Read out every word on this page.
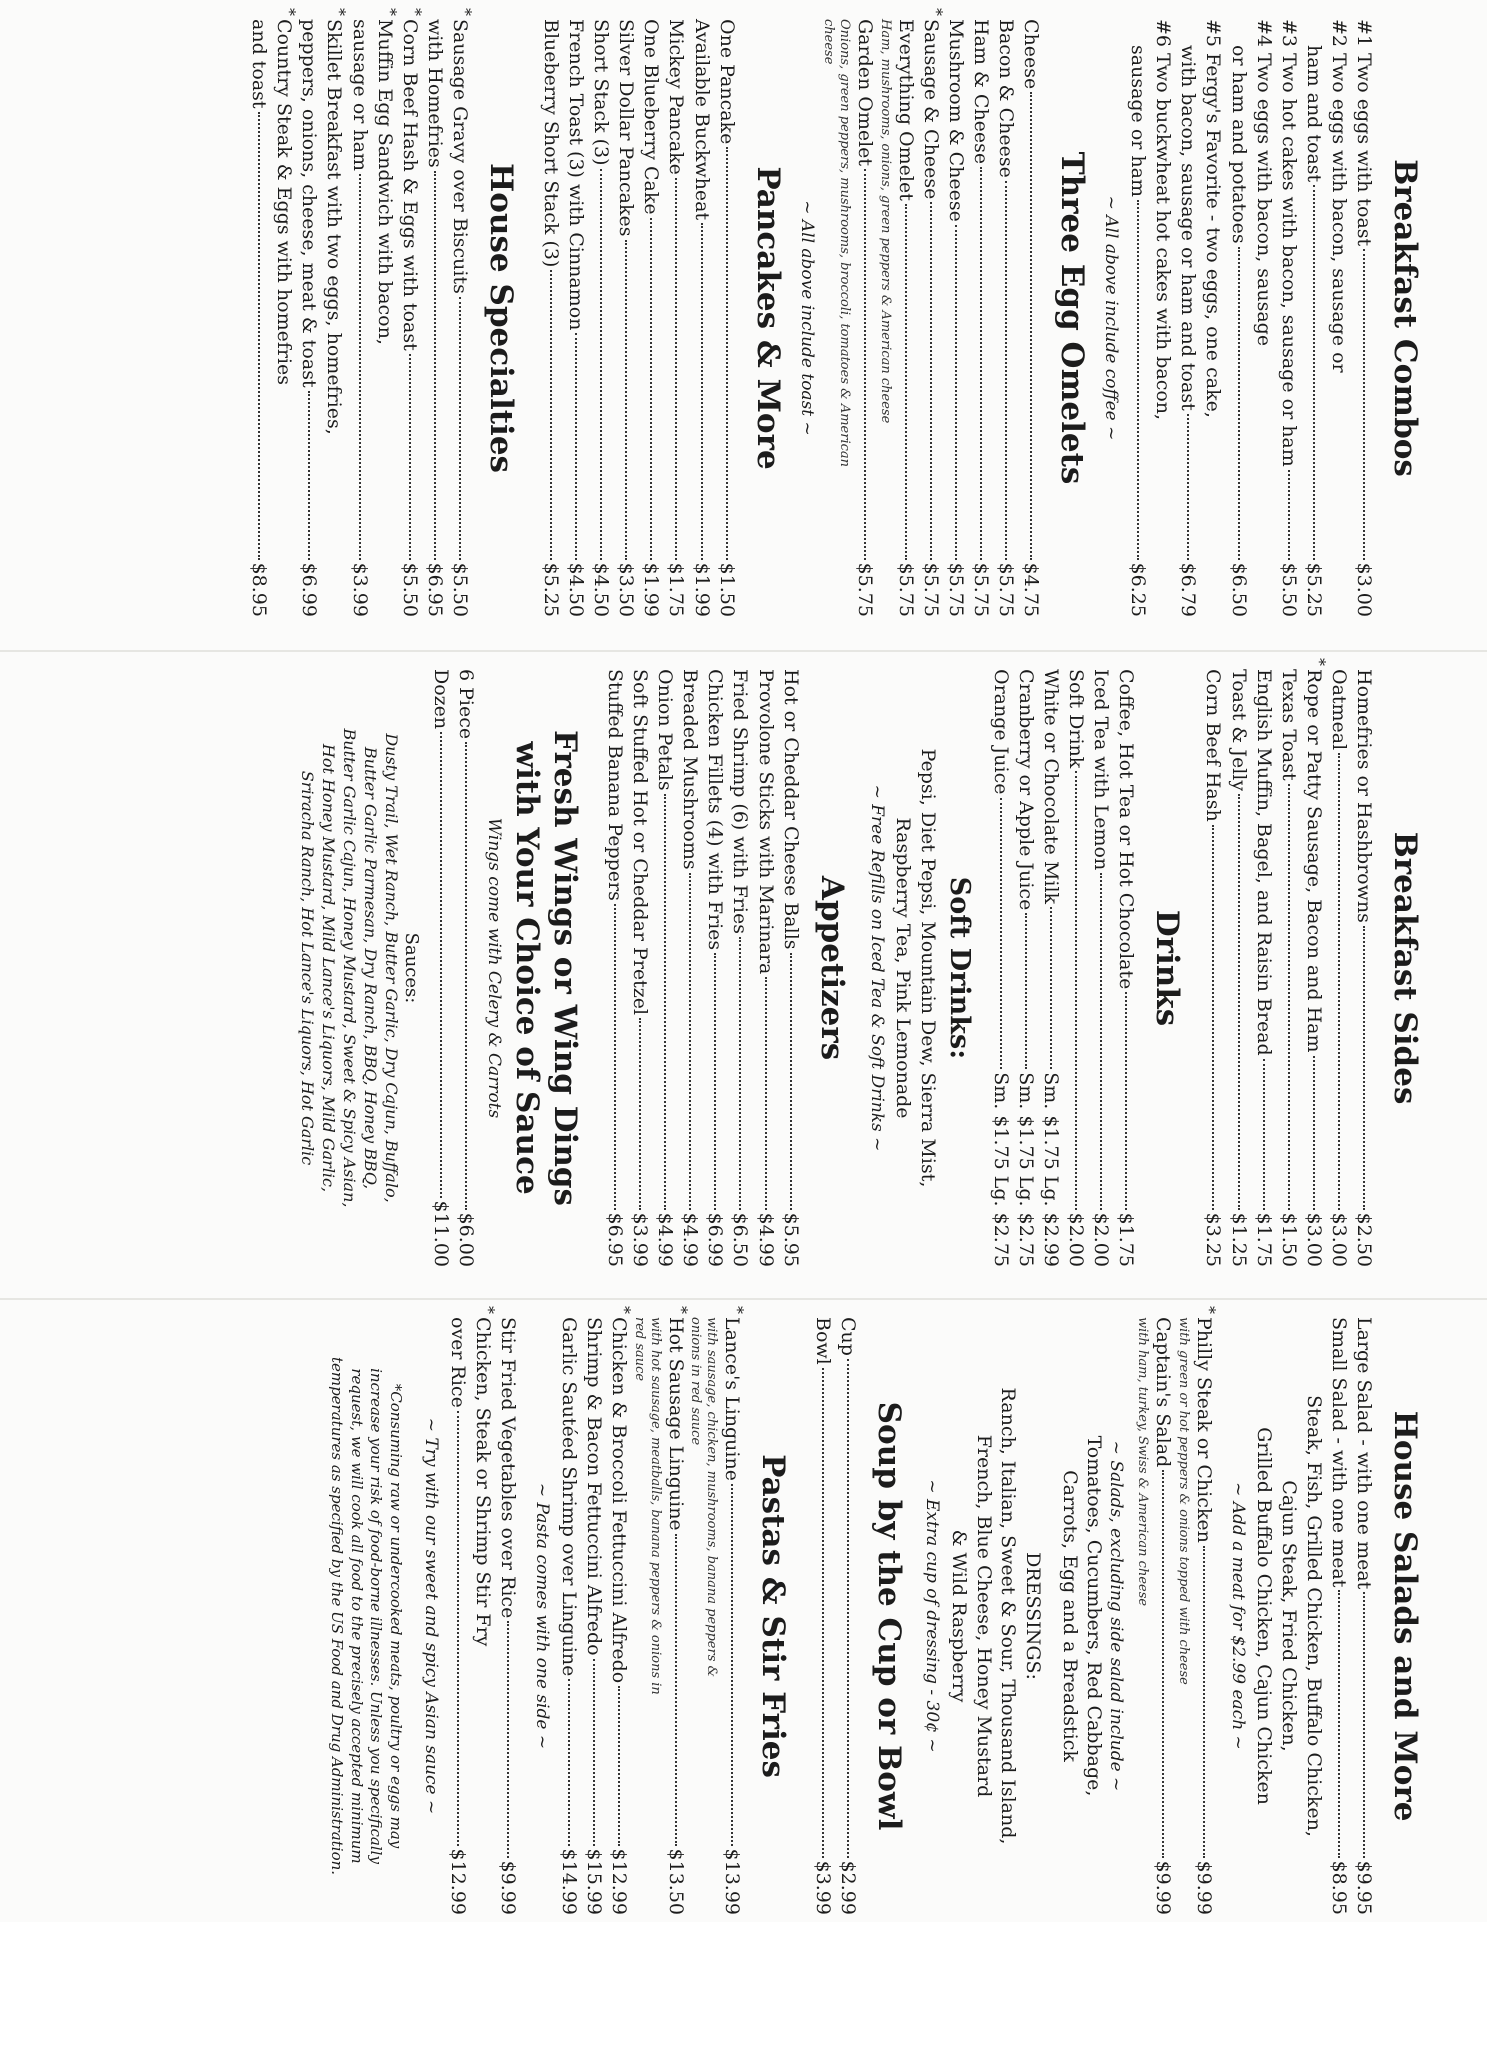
Breakfast Combos
#1 Two eggs with toast
$3.00
#2 Two eggs with bacon, sausage or
ham and toast
$5.25
#3 Two hot cakes with bacon, sausage or ham
$5.50
#4 Two eggs with bacon, sausage
or ham and potatoes
$6.50
#5 Fergy's Favorite - two eggs, one cake,
with bacon, sausage or ham and toast
$6.79
#6 Two buckwheat hot cakes with bacon,
sausage or ham
$6.25
~ All above include coffee ~
Three Egg Omelets
Cheese
$4.75
Bacon & Cheese
$5.75
Ham & Cheese
$5.75
Mushroom & Cheese
$5.75
* Sausage & Cheese
$5.75
Everything Omelet
$5.75
Ham, mushrooms, onions, green peppers & American cheese
Garden Omelet
$5.75
Onions, green peppers, mushrooms, broccoli, tomatoes & American cheese
~ All above include toast ~
Pancakes & More
One Pancake
$1.50
Available Buckwheat
$1.99
Mickey Pancake
$1.75
One Blueberry Cake
$1.99
Silver Dollar Pancakes
$3.50
Short Stack (3)
$4.50
French Toast (3) with Cinnamon
$4.50
Blueberry Short Stack (3)
$5.25
House Specialties
* Sausage Gravy over Biscuits
$5.50
with Homefries
$6.95
* Corn Beef Hash & Eggs with toast
$5.50
* Muffin Egg Sandwich with bacon,
sausage or ham
$3.99
* Skillet Breakfast with two eggs, homefries,
peppers, onions, cheese, meat & toast
$6.99
* Country Steak & Eggs with homefries
and toast
$8.95
Breakfast Sides
Homefries or Hashbrowns
$2.50
Oatmeal
$3.00
* Rope or Patty Sausage, Bacon and Ham
$3.00
Texas Toast
$1.50
English Muffin, Bagel, and Raisin Bread
$1.75
Toast & Jelly
$1.25
Corn Beef Hash
$3.25
Drinks
Coffee, Hot Tea or Hot Chocolate
$1.75
Iced Tea with Lemon
$2.00
Soft Drink
$2.00
White or Chocolate Milk
Sm. $1.75 Lg. $2.99
Cranberry or Apple Juice
Sm. $1.75 Lg. $2.75
Orange Juice
Sm. $1.75 Lg. $2.75
Soft Drinks:
Pepsi, Diet Pepsi, Mountain Dew, Sierra Mist,
Raspberry Tea, Pink Lemonade
~ Free Refills on Iced Tea & Soft Drinks ~
Appetizers
Hot or Cheddar Cheese Balls
$5.95
Provolone Sticks with Marinara
$4.99
Fried Shrimp (6) with Fries
$6.50
Chicken Fillets (4) with Fries
$6.99
Breaded Mushrooms
$4.99
Onion Petals
$4.99
Soft Stuffed Hot or Cheddar Pretzel
$3.99
Stuffed Banana Peppers
$6.95
Fresh Wings or Wing Dings
with Your Choice of Sauce
Wings come with Celery & Carrots
6 Piece
$6.00
Dozen
$11.00
Sauces:
Dusty Trail, Wet Ranch, Butter Garlic, Dry Cajun, Buffalo,
Butter Garlic Parmesan, Dry Ranch, BBQ, Honey BBQ,
Butter Garlic Cajun, Honey Mustard, Sweet & Spicy Asian,
Hot Honey Mustard, Mild Lance's Liquors, Mild Garlic,
Sriracha Ranch, Hot Lance's Liquors, Hot Garlic
House Salads and More
Large Salad - with one meat
$9.95
Small Salad - with one meat
$8.95
Steak, Fish, Grilled Chicken, Buffalo Chicken,
Cajun Steak, Fried Chicken,
Grilled Buffalo Chicken, Cajun Chicken
~ Add a meat for $2.99 each ~
* Philly Steak or Chicken
$9.99
with green or hot peppers & onions topped with cheese
Captain's Salad
$9.99
with ham, turkey, Swiss & American cheese
~ Salads, excluding side salad include ~
Tomatoes, Cucumbers, Red Cabbage,
Carrots, Egg and a Breadstick
DRESSINGS:
Ranch, Italian, Sweet & Sour, Thousand Island,
French, Blue Cheese, Honey Mustard
& Wild Raspberry
~ Extra cup of dressing - 30¢ ~
Soup by the Cup or Bowl
Cup
$2.99
Bowl
$3.99
Pastas & Stir Fries
* Lance's Linguine
$13.99
with sausage, chicken, mushrooms, banana peppers & onions in red sauce
* Hot Sausage Linguine
$13.50
with hot sausage, meatballs, banana peppers & onions in red sauce
* Chicken & Broccoli Fettuccini Alfredo
$12.99
Shrimp & Bacon Fettuccini Alfredo
$15.99
Garlic Sautéed Shrimp over Linguine
$14.99
~ Pasta comes with one side ~
Stir Fried Vegetables over Rice
$9.99
* Chicken, Steak or Shrimp Stir Fry
over Rice
$12.99
~ Try with our sweet and spicy Asian sauce ~
*Consuming raw or undercooked meats, poultry or eggs may
increase your risk of food-borne illnesses. Unless you specifically
request, we will cook all food to the precisely accepted minimum
temperatures as specified by the US Food and Drug Administration.
